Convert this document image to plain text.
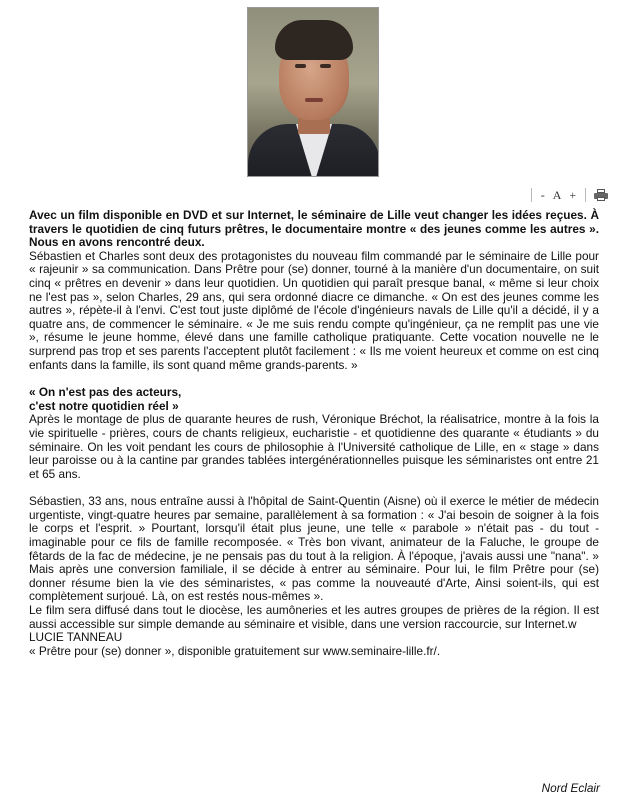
- A +

Avec un film disponible en DVD et sur Internet, le séminaire de Lille veut changer les idées reçues. À travers le quotidien de cinq futurs prêtres, le documentaire montre « des jeunes comme les autres ». Nous en avons rencontré deux.

Sébastien et Charles sont deux des protagonistes du nouveau film commandé par le séminaire de Lille pour « rajeunir » sa communication. Dans Prêtre pour (se) donner, tourné à la manière d'un documentaire, on suit cinq « prêtres en devenir » dans leur quotidien. Un quotidien qui paraît presque banal, « même si leur choix ne l'est pas », selon Charles, 29 ans, qui sera ordonné diacre ce dimanche. « On est des jeunes comme les autres », répète-il à l'envi. C'est tout juste diplômé de l'école d'ingénieurs navals de Lille qu'il a décidé, il y a quatre ans, de commencer le séminaire. « Je me suis rendu compte qu'ingénieur, ça ne remplit pas une vie », résume le jeune homme, élevé dans une famille catholique pratiquante. Cette vocation nouvelle ne le surprend pas trop et ses parents l'acceptent plutôt facilement : « Ils me voient heureux et comme on est cinq enfants dans la famille, ils sont quand même grands-parents. »

« On n'est pas des acteurs,

c'est notre quotidien réel »

Après le montage de plus de quarante heures de rush, Véronique Bréchot, la réalisatrice, montre à la fois la vie spirituelle - prières, cours de chants religieux, eucharistie - et quotidienne des quarante « étudiants » du séminaire. On les voit pendant les cours de philosophie à l'Université catholique de Lille, en « stage » dans leur paroisse ou à la cantine par grandes tablées intergénérationnelles puisque les séminaristes ont entre 21 et 65 ans.

Sébastien, 33 ans, nous entraîne aussi à l'hôpital de Saint-Quentin (Aisne) où il exerce le métier de médecin urgentiste, vingt-quatre heures par semaine, parallèlement à sa formation : « J'ai besoin de soigner à la fois le corps et l'esprit. » Pourtant, lorsqu'il était plus jeune, une telle « parabole » n'était pas - du tout - imaginable pour ce fils de famille recomposée. « Très bon vivant, animateur de la Faluche, le groupe de fêtards de la fac de médecine, je ne pensais pas du tout à la religion. À l'époque, j'avais aussi une "nana". » Mais après une conversion familiale, il se décide à entrer au séminaire. Pour lui, le film Prêtre pour (se) donner résume bien la vie des séminaristes, « pas comme la nouveauté d'Arte, Ainsi soient-ils, qui est complètement surjoué. Là, on est restés nous-mêmes ».

Le film sera diffusé dans tout le diocèse, les aumôneries et les autres groupes de prières de la région. Il est aussi accessible sur simple demande au séminaire et visible, dans une version raccourcie, sur Internet.w

LUCIE TANNEAU

« Prêtre pour (se) donner », disponible gratuitement sur www.seminaire-lille.fr/.

Nord Eclair
